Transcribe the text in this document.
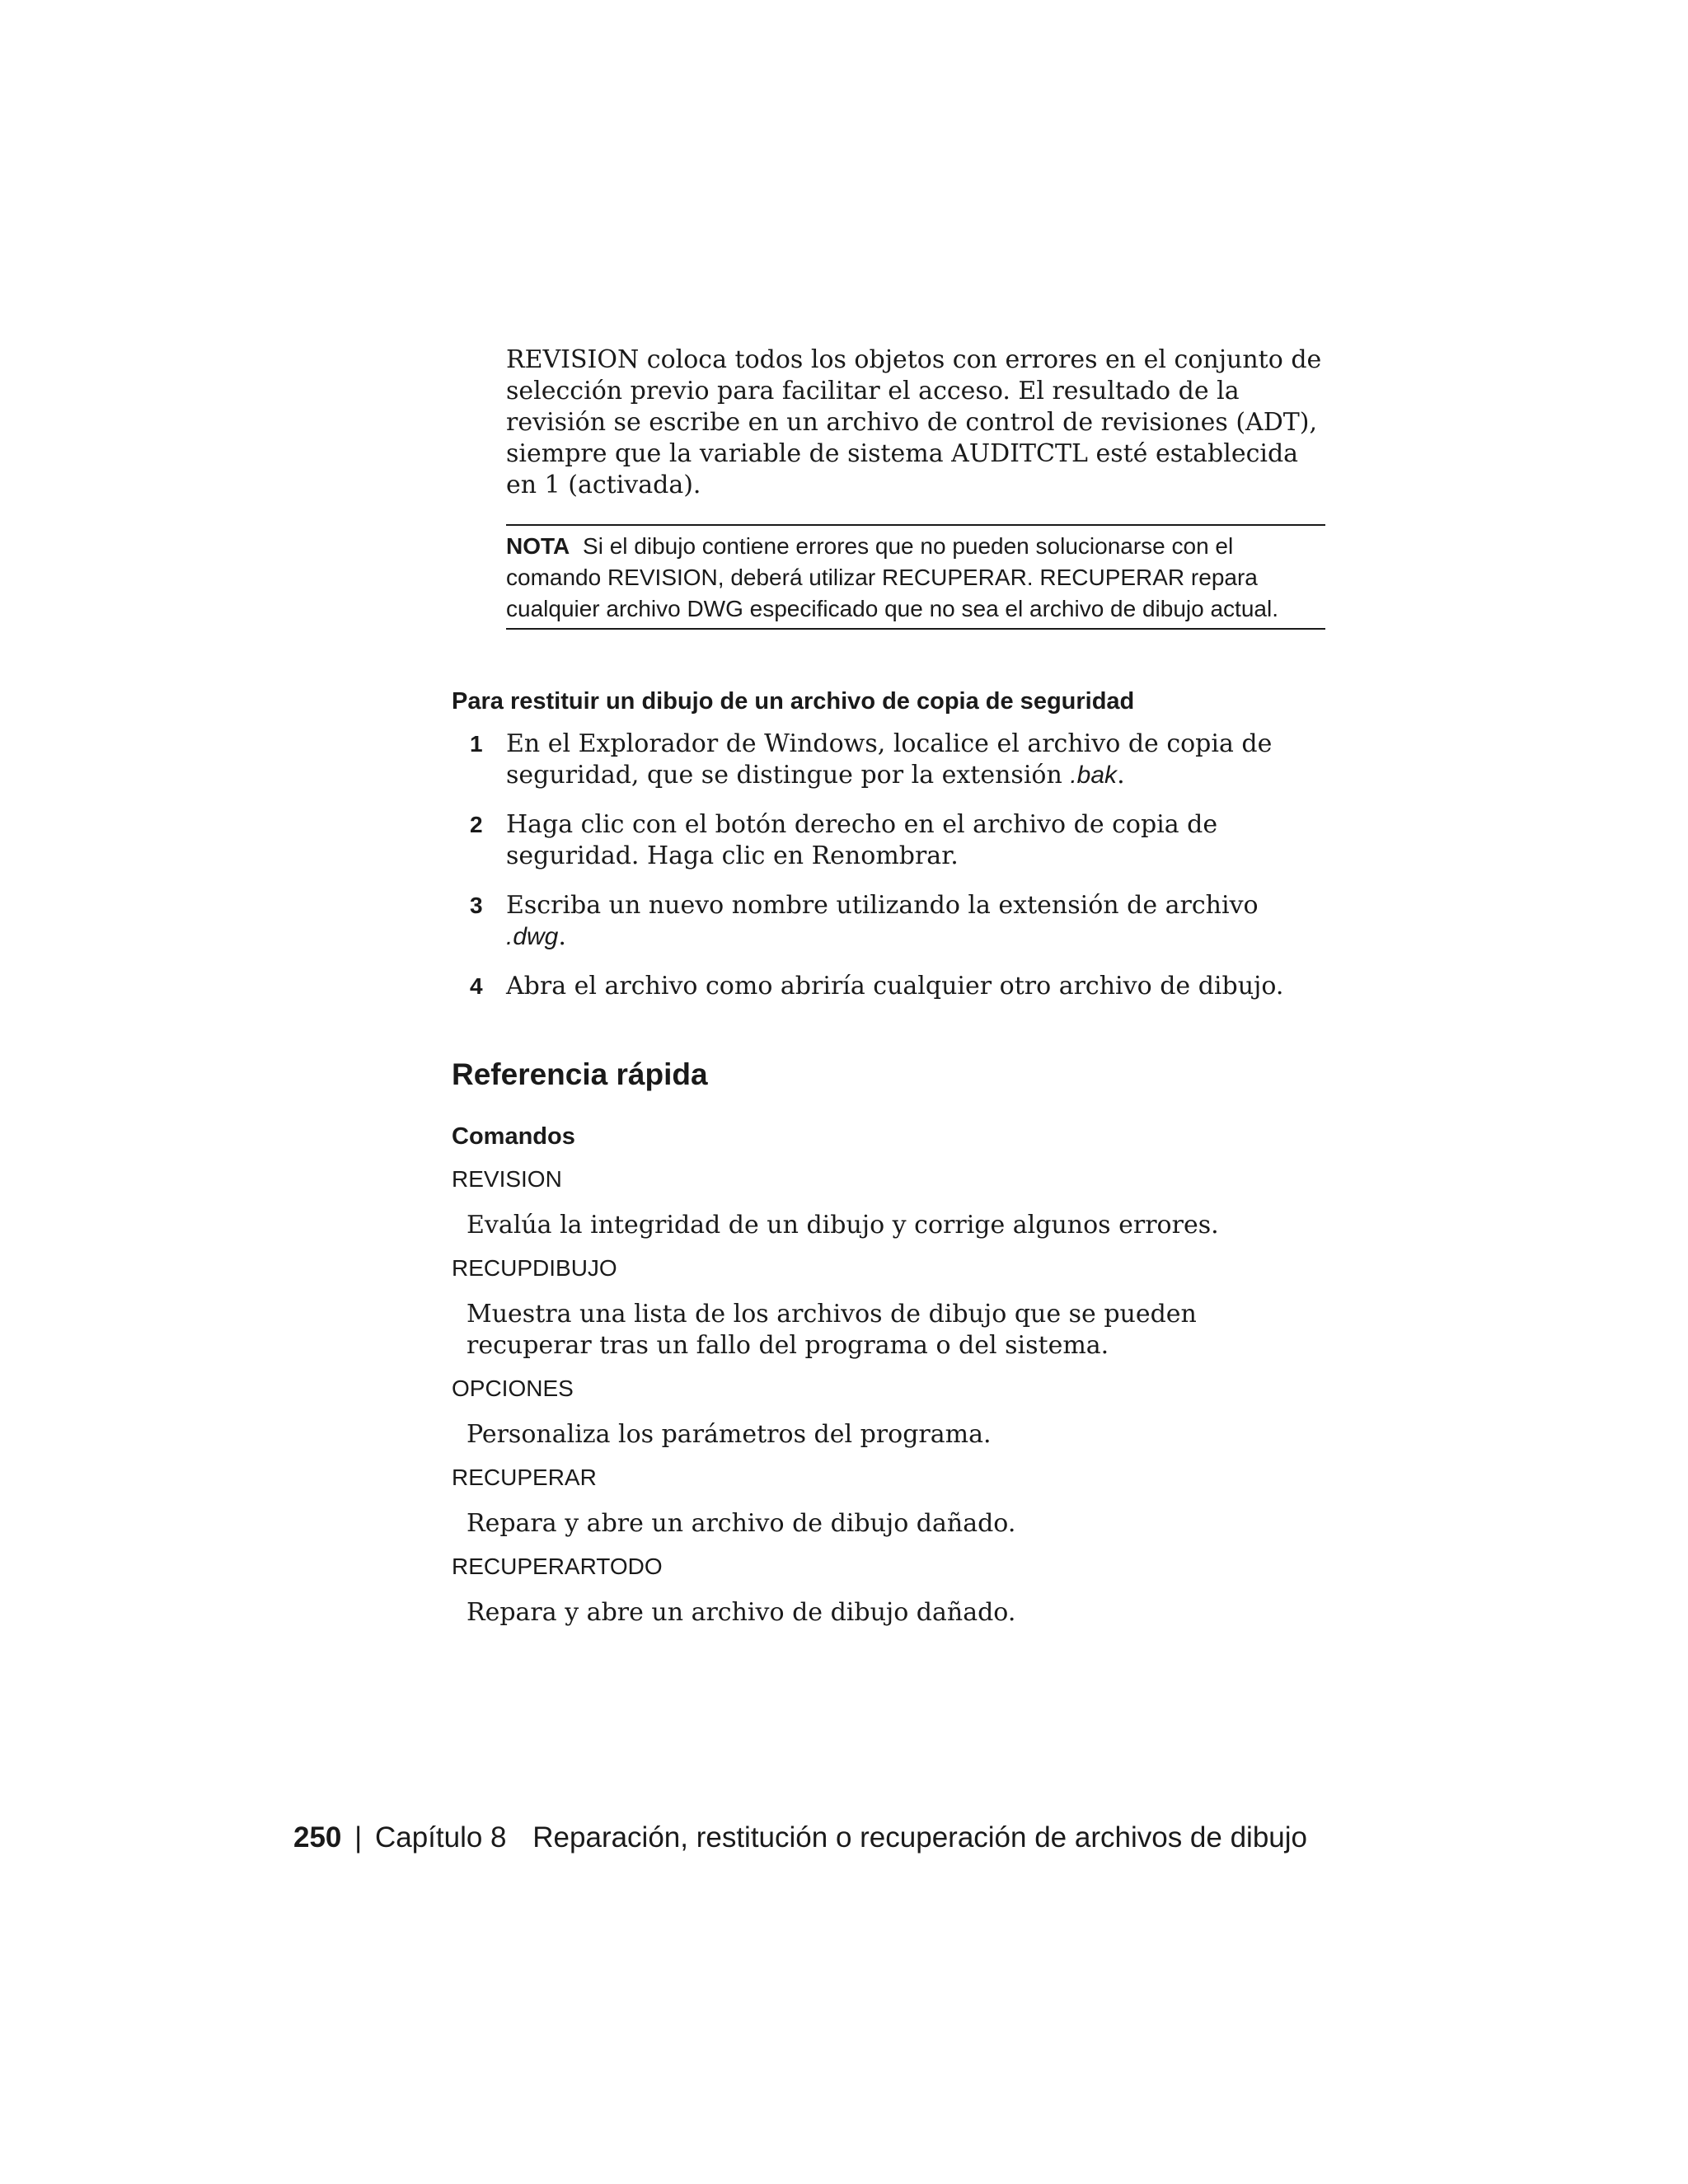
REVISION coloca todos los objetos con errores en el conjunto de selección previo para facilitar el acceso. El resultado de la revisión se escribe en un archivo de control de revisiones (ADT), siempre que la variable de sistema AUDITCTL esté establecida en 1 (activada).

NOTA Si el dibujo contiene errores que no pueden solucionarse con el comando REVISION, deberá utilizar RECUPERAR. RECUPERAR repara cualquier archivo DWG especificado que no sea el archivo de dibujo actual.
Para restituir un dibujo de un archivo de copia de seguridad
1 En el Explorador de Windows, localice el archivo de copia de seguridad, que se distingue por la extensión .bak.
2 Haga clic con el botón derecho en el archivo de copia de seguridad. Haga clic en Renombrar.
3 Escriba un nuevo nombre utilizando la extensión de archivo .dwg.
4 Abra el archivo como abriría cualquier otro archivo de dibujo.
Referencia rápida
Comandos
REVISION
Evalúa la integridad de un dibujo y corrige algunos errores.
RECUPDIBUJO
Muestra una lista de los archivos de dibujo que se pueden recuperar tras un fallo del programa o del sistema.
OPCIONES
Personaliza los parámetros del programa.
RECUPERAR
Repara y abre un archivo de dibujo dañado.
RECUPERARTODO
Repara y abre un archivo de dibujo dañado.
250 | Capítulo 8 Reparación, restitución o recuperación de archivos de dibujo
